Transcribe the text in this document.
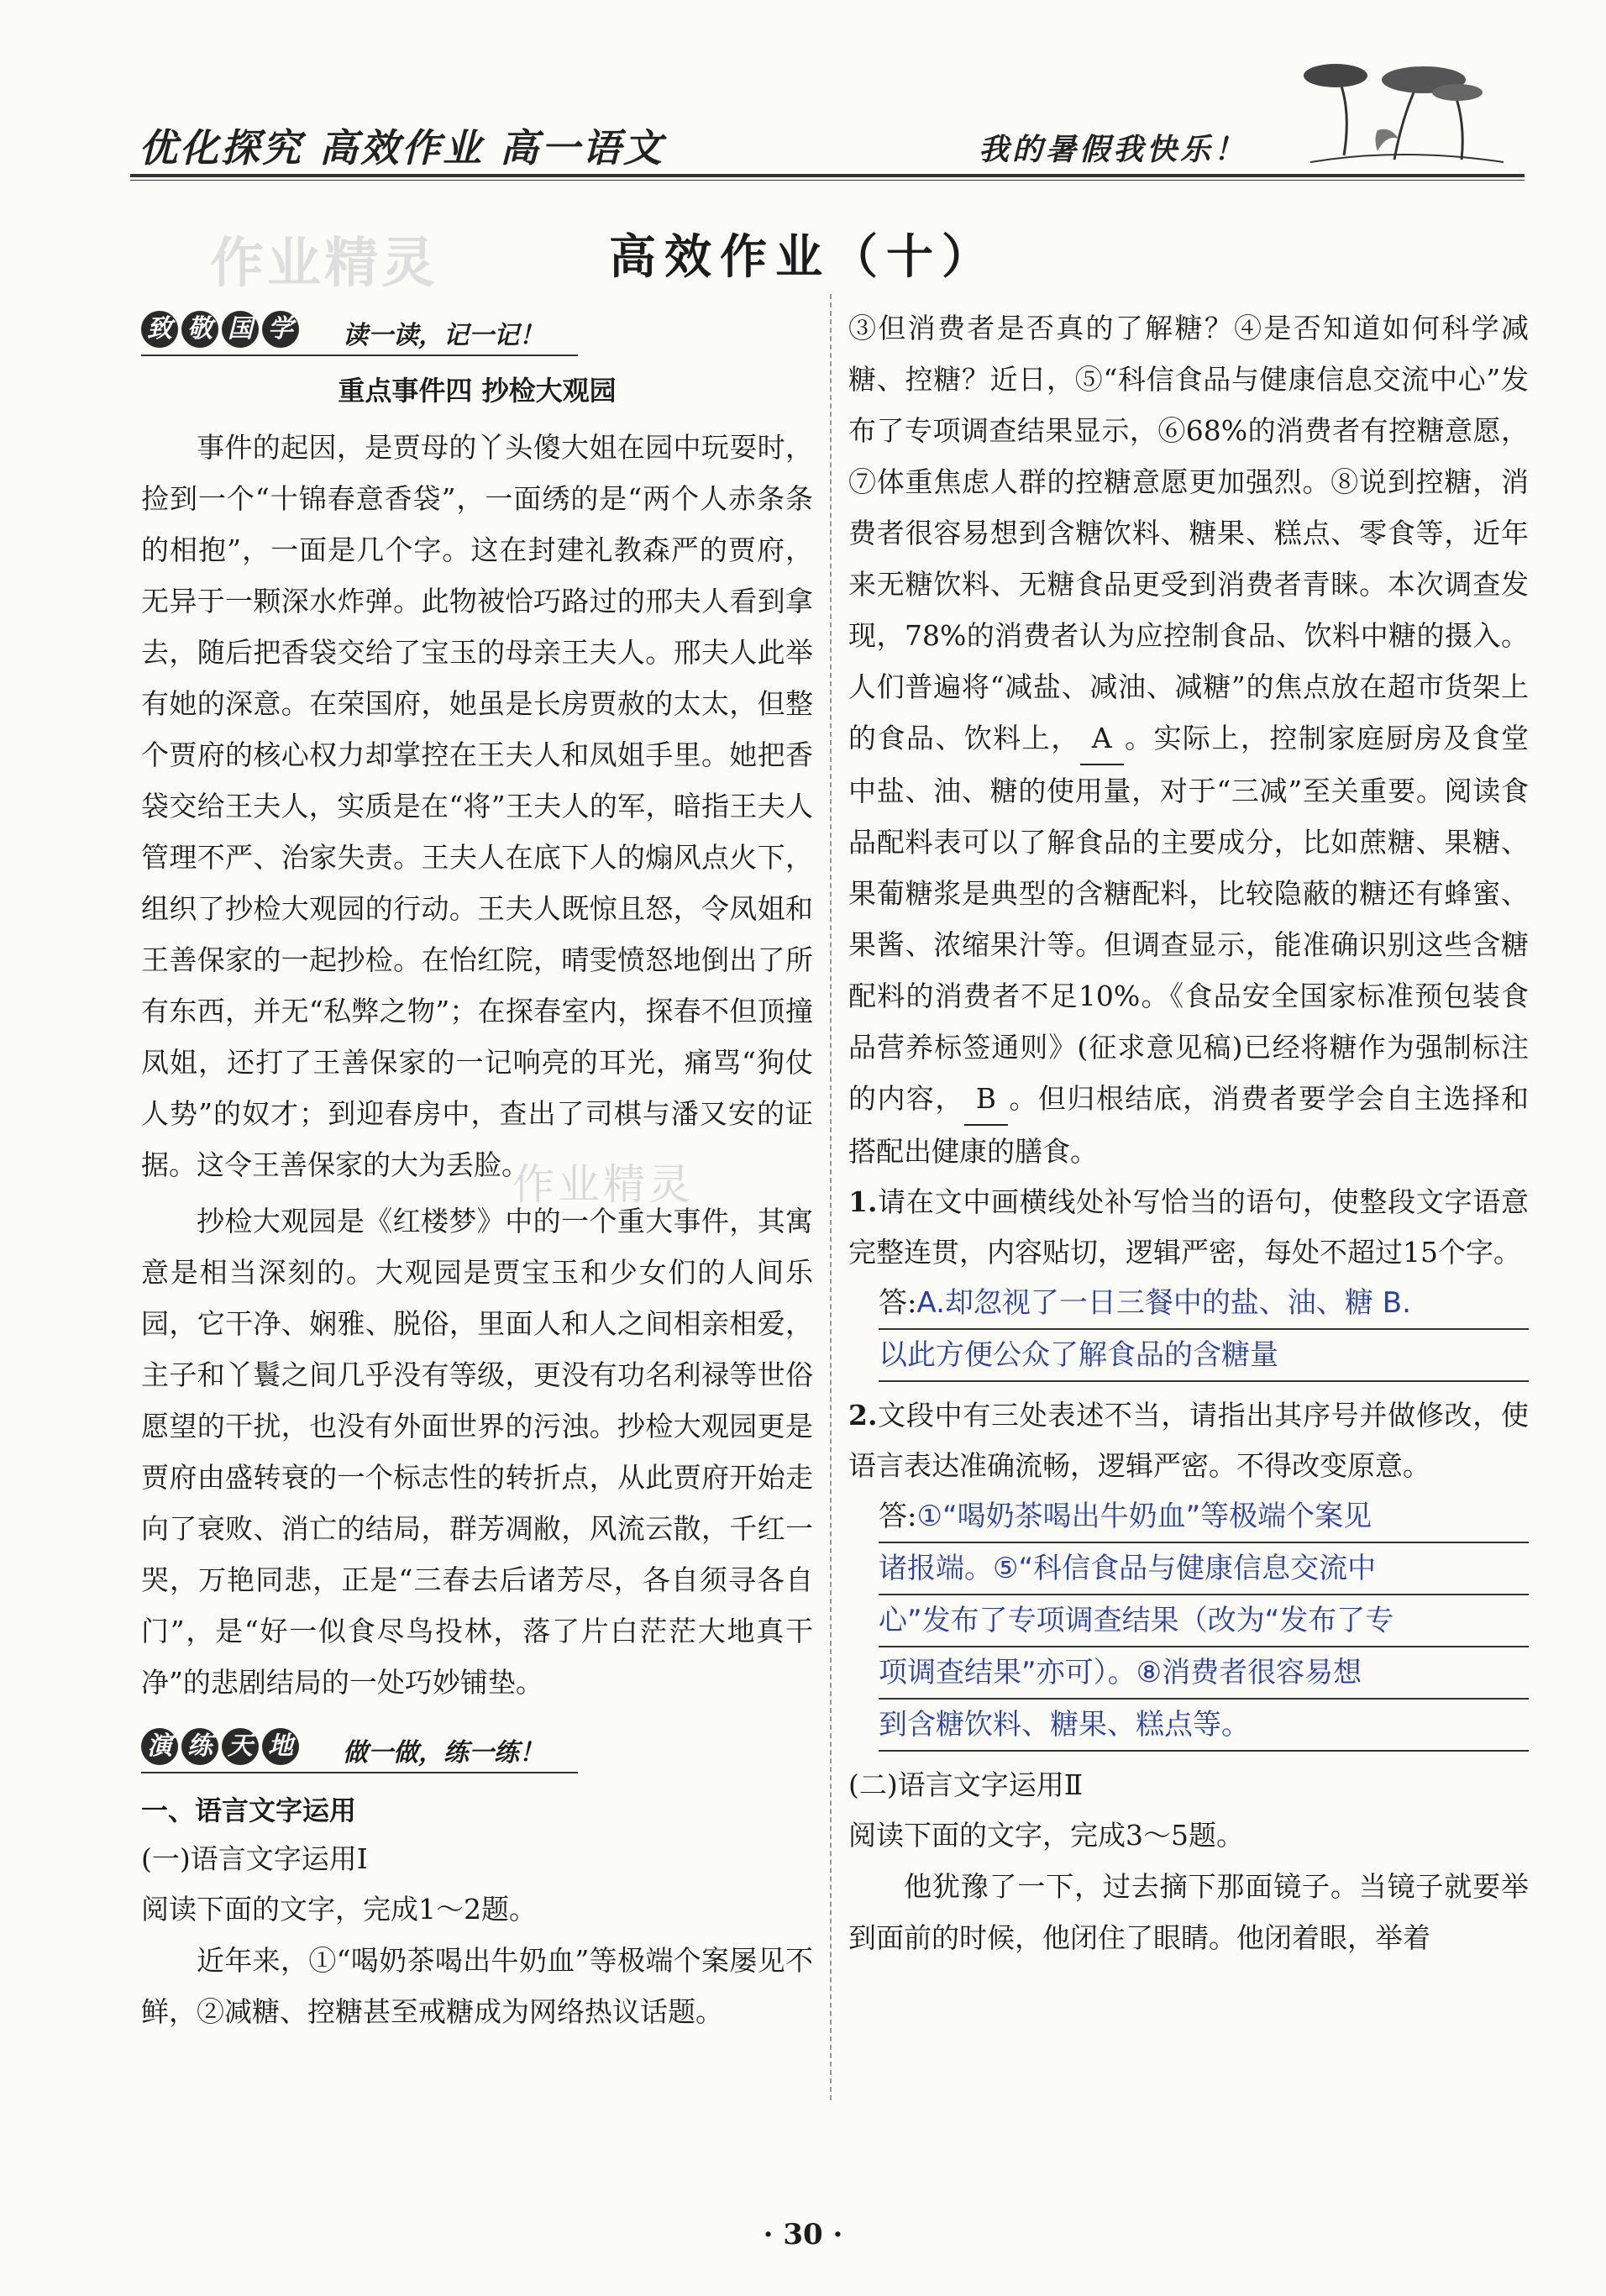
优化探究 高效作业 高一语文	我的暑假我快乐！
作业精灵
作业精灵
高效作业（十）
致 敬 国 学 读一读，记一记！
重点事件四 抄检大观园

事件的起因，是贾母的丫头傻大姐在园中玩耍时，捡到一个“十锦春意香袋”，一面绣的是“两个人赤条条的相抱”，一面是几个字。这在封建礼教森严的贾府，无异于一颗深水炸弹。此物被恰巧路过的邢夫人看到拿去，随后把香袋交给了宝玉的母亲王夫人。邢夫人此举有她的深意。在荣国府，她虽是长房贾赦的太太，但整个贾府的核心权力却掌控在王夫人和凤姐手里。她把香袋交给王夫人，实质是在“将”王夫人的军，暗指王夫人管理不严、治家失责。王夫人在底下人的煽风点火下，组织了抄检大观园的行动。王夫人既惊且怒，令凤姐和王善保家的一起抄检。在怡红院，晴雯愤怒地倒出了所有东西，并无“私弊之物”；在探春室内，探春不但顶撞凤姐，还打了王善保家的一记响亮的耳光，痛骂“狗仗人势”的奴才；到迎春房中，查出了司棋与潘又安的证据。这令王善保家的大为丢脸。

抄检大观园是《红楼梦》中的一个重大事件，其寓意是相当深刻的。大观园是贾宝玉和少女们的人间乐园，它干净、娴雅、脱俗，里面人和人之间相亲相爱，主子和丫鬟之间几乎没有等级，更没有功名利禄等世俗愿望的干扰，也没有外面世界的污浊。抄检大观园更是贾府由盛转衰的一个标志性的转折点，从此贾府开始走向了衰败、消亡的结局，群芳凋敝，风流云散，千红一哭，万艳同悲，正是“三春去后诸芳尽，各自须寻各自门”，是“好一似食尽鸟投林，落了片白茫茫大地真干净”的悲剧结局的一处巧妙铺垫。

演 练 天 地 做一做，练一练！
一、语言文字运用
(一)语言文字运用Ⅰ
阅读下面的文字，完成1～2题。

近年来，①“喝奶茶喝出牛奶血”等极端个案屡见不鲜，②减糖、控糖甚至戒糖成为网络热议话题。

③但消费者是否真的了解糖？④是否知道如何科学减糖、控糖？近日，⑤“科信食品与健康信息交流中心”发布了专项调查结果显示，⑥68%的消费者有控糖意愿，⑦体重焦虑人群的控糖意愿更加强烈。⑧说到控糖，消费者很容易想到含糖饮料、糖果、糕点、零食等，近年来无糖饮料、无糖食品更受到消费者青睐。本次调查发现，78%的消费者认为应控制食品、饮料中糖的摄入。人们普遍将“减盐、减油、减糖”的焦点放在超市货架上的食品、饮料上， A 。实际上，控制家庭厨房及食堂中盐、油、糖的使用量，对于“三减”至关重要。阅读食品配料表可以了解食品的主要成分，比如蔗糖、果糖、果葡糖浆是典型的含糖配料，比较隐蔽的糖还有蜂蜜、果酱、浓缩果汁等。但调查显示，能准确识别这些含糖配料的消费者不足10%。《食品安全国家标准预包装食品营养标签通则》(征求意见稿)已经将糖作为强制标注的内容， B 。但归根结底，消费者要学会自主选择和搭配出健康的膳食。

1.请在文中画横线处补写恰当的语句，使整段文字语意完整连贯，内容贴切，逻辑严密，每处不超过15个字。

答:A.却忽视了一日三餐中的盐、油、糖 B.
以此方便公众了解食品的含糖量

2.文段中有三处表述不当，请指出其序号并做修改，使语言表达准确流畅，逻辑严密。不得改变原意。

答:①“喝奶茶喝出牛奶血”等极端个案见
诸报端。⑤“科信食品与健康信息交流中
心”发布了专项调查结果（改为“发布了专
项调查结果”亦可）。⑧消费者很容易想
到含糖饮料、糖果、糕点等。
(二)语言文字运用Ⅱ
阅读下面的文字，完成3～5题。

他犹豫了一下，过去摘下那面镜子。当镜子就要举到面前的时候，他闭住了眼睛。他闭着眼，举着

· 30 ·
